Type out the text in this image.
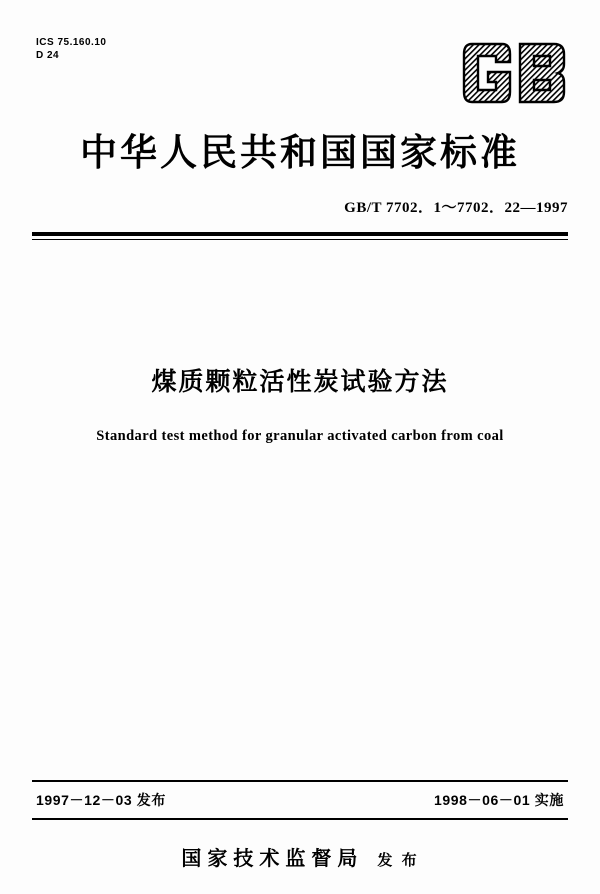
ICS 75.160.10
D 24
中华人民共和国国家标准
GB/T 7702．1～7702．22—1997
煤质颗粒活性炭试验方法
Standard test method for granular activated carbon from coal
1997－12－03 发布	1998－06－01 实施
国家技术监督局 发 布
